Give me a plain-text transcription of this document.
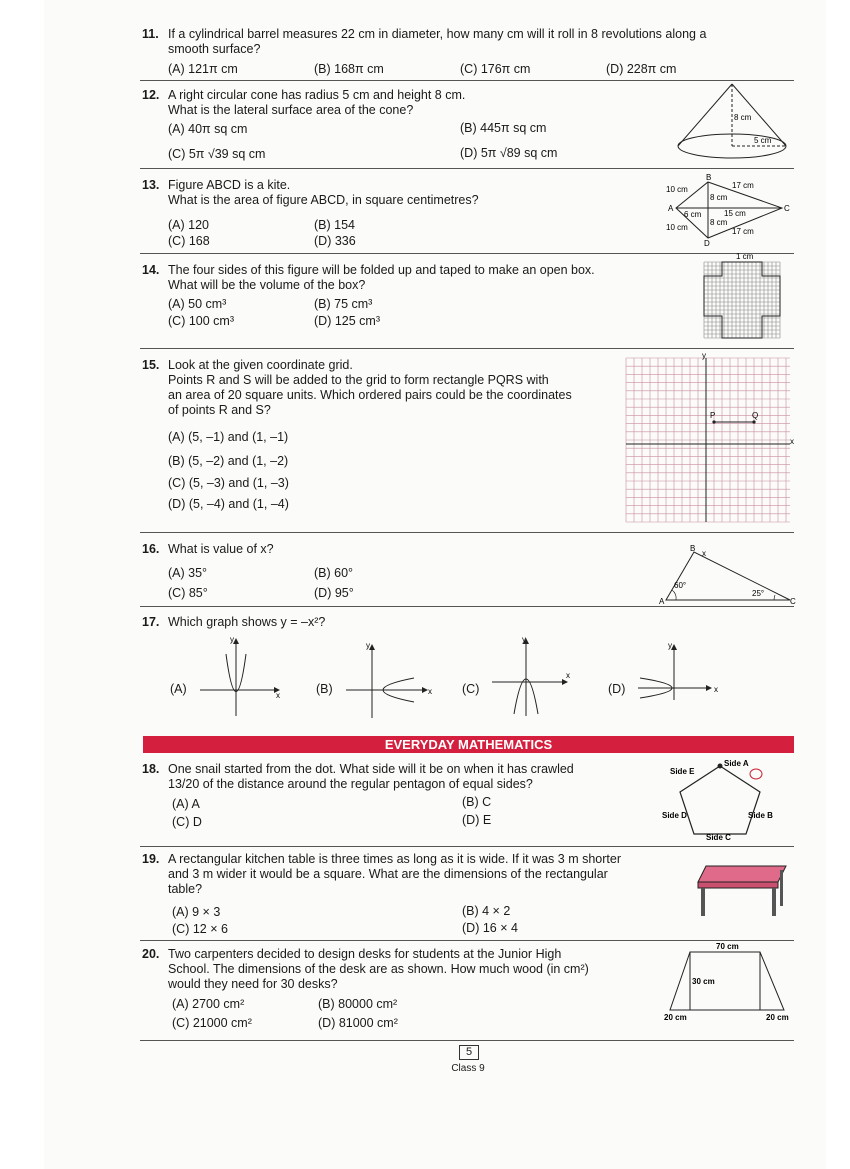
11. If a cylindrical barrel measures 22 cm in diameter, how many cm will it roll in 8 revolutions along a
smooth surface?
(A) 121π cm	(B) 168π cm	(C) 176π cm	(D) 228π cm
12. A right circular cone has radius 5 cm and height 8 cm.
What is the lateral surface area of the cone?
(A) 40π sq cm	(B) 445π sq cm
(C) 5π √39 sq cm	(D) 5π √89 sq cm
8 cm
5 cm
13. Figure ABCD is a kite.
What is the area of figure ABCD, in square centimetres?
(A) 120	(B) 154
(C) 168	(D) 336
B
A	C
D
10 cm	17 cm
8 cm
6 cm	15 cm
8 cm
10 cm	17 cm
14. The four sides of this figure will be folded up and taped to make an open box.
What will be the volume of the box?
(A) 50 cm³	(B) 75 cm³
(C) 100 cm³	(D) 125 cm³
1 cm
15. Look at the given coordinate grid.
Points R and S will be added to the grid to form rectangle PQRS with
an area of 20 square units. Which ordered pairs could be the coordinates
of points R and S?
(A) (5, –1) and (1, –1)
(B) (5, –2) and (1, –2)
(C) (5, –3) and (1, –3)
(D) (5, –4) and (1, –4)
y
x
P	Q
16. What is value of x?
(A) 35°	(B) 60°
(C) 85°	(D) 95°
B
x
A
60°
25°
C
17. Which graph shows y = –x²?
(A)	(B)	(C)	(D)
y
x
y
x
y
x
y
x
EVERYDAY MATHEMATICS
18. One snail started from the dot. What side will it be on when it has crawled
13/20 of the distance around the regular pentagon of equal sides?
(A) A	(B) C
(C) D	(D) E
Side A
Side E
Side B
Side D
Side C
19. A rectangular kitchen table is three times as long as it is wide. If it was 3 m shorter
and 3 m wider it would be a square. What are the dimensions of the rectangular
table?
(A) 9 × 3	(B) 4 × 2
(C) 12 × 6	(D) 16 × 4
20. Two carpenters decided to design desks for students at the Junior High
School. The dimensions of the desk are as shown. How much wood (in cm²)
would they need for 30 desks?
(A) 2700 cm²	(B) 80000 cm²
(C) 21000 cm²	(D) 81000 cm²
70 cm
30 cm
20 cm	20 cm
5
Class 9
